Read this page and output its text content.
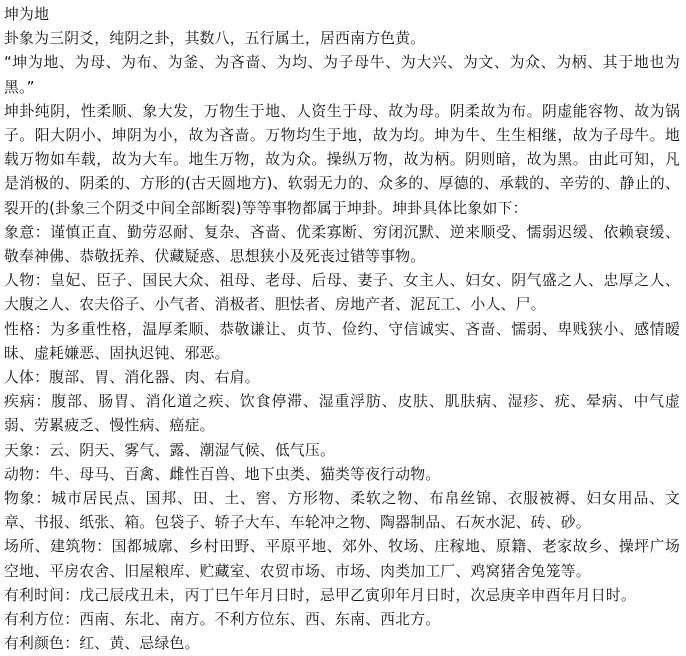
坤为地

卦象为三阴爻，纯阴之卦，其数八，五行属土，居西南方色黄。

“坤为地、为母、为布、为釜、为吝啬、为均、为子母牛、为大兴、为文、为众、为柄、其于地也为黑。”

坤卦纯阴，性柔顺、象大发，万物生于地、人资生于母、故为母。阴柔故为布。阴虚能容物、故为锅子。阳大阴小、坤阴为小，故为吝啬。万物均生于地，故为均。坤为牛、生生相继，故为子母牛。地载万物如车载，故为大车。地生万物，故为众。操纵万物，故为柄。阴则暗，故为黑。由此可知，凡是消极的、阴柔的、方形的(古天圆地方)、软弱无力的、众多的、厚德的、承载的、辛劳的、静止的、裂开的(卦象三个阴爻中间全部断裂)等等事物都属于坤卦。坤卦具体比象如下：

象意：谨慎正直、勤劳忍耐、复杂、吝啬、优柔寡断、穷闭沉默、逆来顺受、懦弱迟缓、依赖衰缓、敬奉神佛、恭敬抚养、伏藏疑惑、思想狭小及死丧过错等事物。

人物：皇妃、臣子、国民大众、祖母、老母、后母、妻子、女主人、妇女、阴气盛之人、忠厚之人、大腹之人、农夫俗子、小气者、消极者、胆怯者、房地产者、泥瓦工、小人、尸。

性格：为多重性格，温厚柔顺、恭敬谦让、贞节、俭约、守信诚实、吝啬、懦弱、卑贱狭小、感情暧昧、虚耗嫌恶、固执迟钝、邪恶。

人体：腹部、胃、消化器、肉、右肩。

疾病：腹部、肠胃、消化道之疾、饮食停滞、湿重浮肪、皮肤、肌肤病、湿疹、疣、晕病、中气虚弱、劳累疲乏、慢性病、癌症。

天象：云、阴天、雾气、露、潮湿气候、低气压。

动物：牛、母马、百禽、雌性百兽、地下虫类、猫类等夜行动物。

物象：城市居民点、国邦、田、土、窖、方形物、柔软之物、布帛丝锦、衣服被褥、妇女用品、文章、书报、纸张、箱。包袋子、轿子大车、车轮冲之物、陶器制品、石灰水泥、砖、砂。

场所、建筑物：国都城廓、乡村田野、平原平地、郊外、牧场、庄稼地、原籍、老家故乡、操坪广场空地、平房农舍、旧屋粮库、贮藏室、农贸市场、市场、肉类加工厂、鸡窝猪舍兔笼等。

有利时间：戊己辰戌丑未，丙丁巳午年月日时，忌甲乙寅卯年月日时，次忌庚辛申酉年月日时。

有利方位：西南、东北、南方。不利方位东、西、东南、西北方。

有利颜色：红、黄、忌绿色。
